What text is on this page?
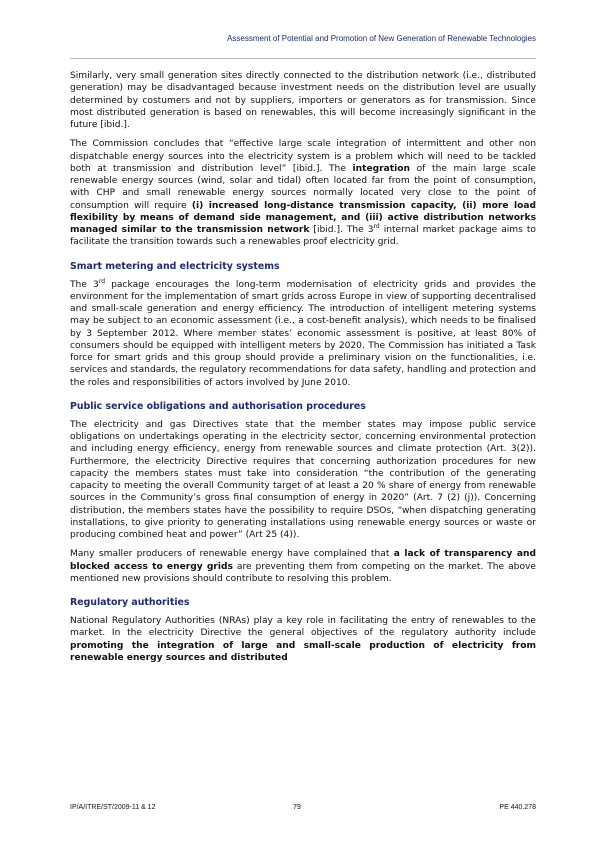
Assessment of Potential and Promotion of New Generation of Renewable Technologies

Similarly, very small generation sites directly connected to the distribution network (i.e., distributed generation) may be disadvantaged because investment needs on the distribution level are usually determined by costumers and not by suppliers, importers or generators as for transmission. Since most distributed generation is based on renewables, this will become increasingly significant in the future [ibid.].

The Commission concludes that “effective large scale integration of intermittent and other non dispatchable energy sources into the electricity system is a problem which will need to be tackled both at transmission and distribution level” [ibid.]. The integration of the main large scale renewable energy sources (wind, solar and tidal) often located far from the point of consumption, with CHP and small renewable energy sources normally located very close to the point of consumption will require (i) increased long-distance transmission capacity, (ii) more load flexibility by means of demand side management, and (iii) active distribution networks managed similar to the transmission network [ibid.]. The 3rd internal market package aims to facilitate the transition towards such a renewables proof electricity grid.

Smart metering and electricity systems

The 3rd package encourages the long-term modernisation of electricity grids and provides the environment for the implementation of smart grids across Europe in view of supporting decentralised and small-scale generation and energy efficiency. The introduction of intelligent metering systems may be subject to an economic assessment (i.e., a cost-benefit analysis), which needs to be finalised by 3 September 2012. Where member states’ economic assessment is positive, at least 80% of consumers should be equipped with intelligent meters by 2020. The Commission has initiated a Task force for smart grids and this group should provide a preliminary vision on the functionalities, i.e. services and standards, the regulatory recommendations for data safety, handling and protection and the roles and responsibilities of actors involved by June 2010.

Public service obligations and authorisation procedures

The electricity and gas Directives state that the member states may impose public service obligations on undertakings operating in the electricity sector, concerning environmental protection and including energy efficiency, energy from renewable sources and climate protection (Art. 3(2)). Furthermore, the electricity Directive requires that concerning authorization procedures for new capacity the members states must take into consideration “the contribution of the generating capacity to meeting the overall Community target of at least a 20 % share of energy from renewable sources in the Community’s gross final consumption of energy in 2020” (Art. 7 (2) (j)). Concerning distribution, the members states have the possibility to require DSOs, “when dispatching generating installations, to give priority to generating installations using renewable energy sources or waste or producing combined heat and power” (Art 25 (4)).

Many smaller producers of renewable energy have complained that a lack of transparency and blocked access to energy grids are preventing them from competing on the market. The above mentioned new provisions should contribute to resolving this problem.

Regulatory authorities

National Regulatory Authorities (NRAs) play a key role in facilitating the entry of renewables to the market. In the electricity Directive the general objectives of the regulatory authority include promoting the integration of large and small-scale production of electricity from renewable energy sources and distributed

IP/A/ITRE/ST/2009-11 & 12	79	PE 440.278
